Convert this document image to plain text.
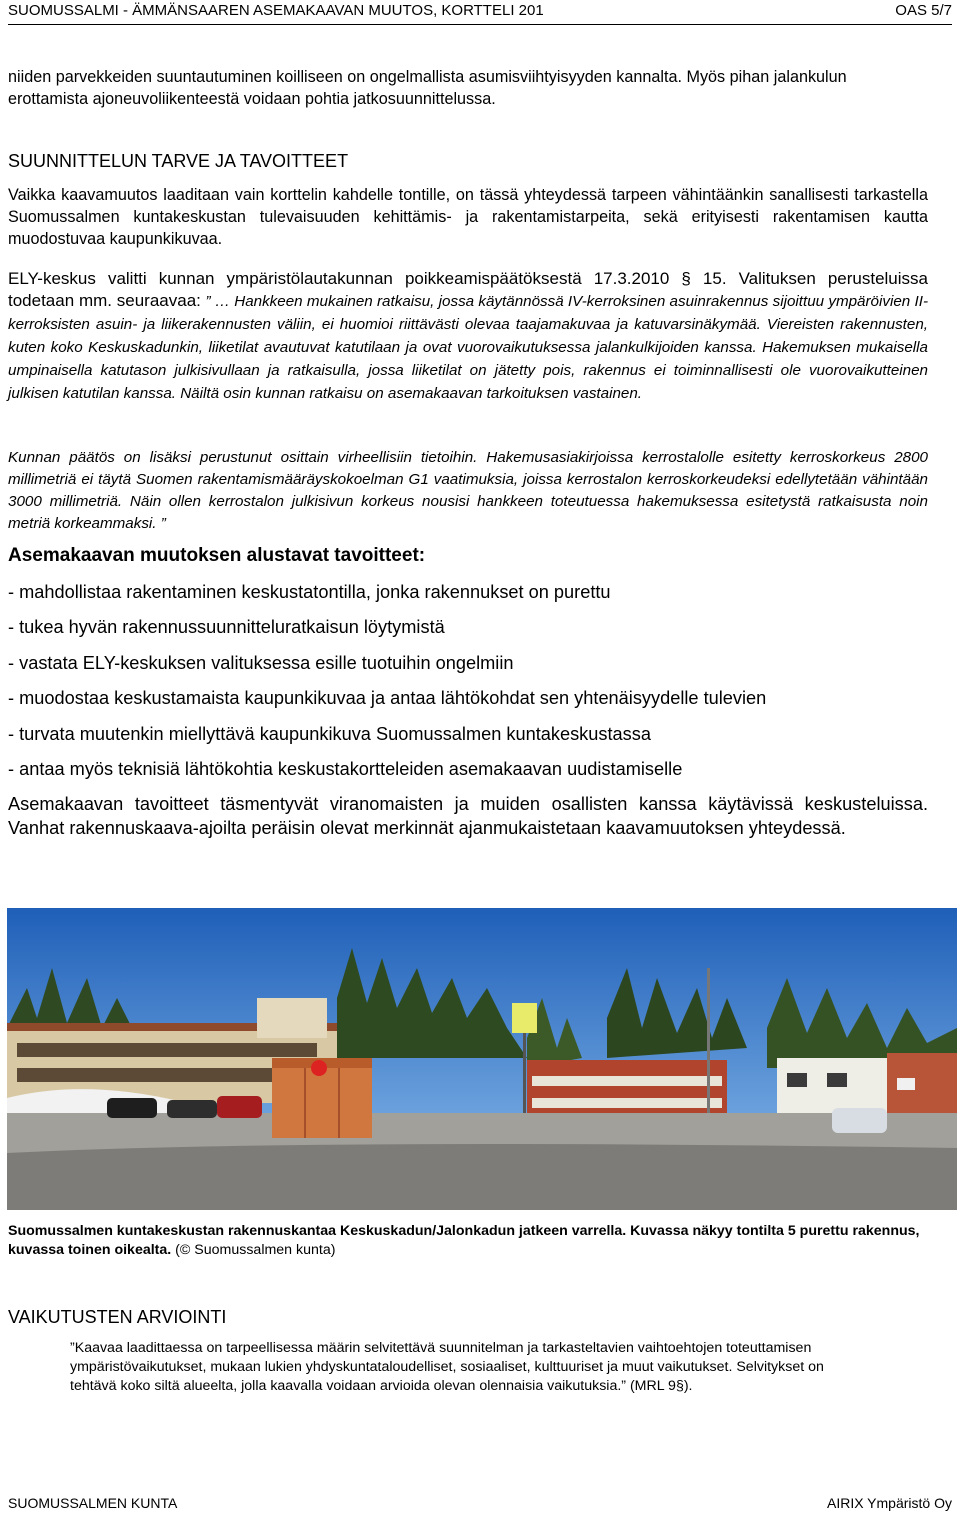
SUOMUSSALMI - ÄMMÄNSAAREN ASEMAKAAVAN MUUTOS, KORTTELI 201	OAS 5/7
niiden parvekkeiden suuntautuminen koilliseen on ongelmallista asumisviihtyisyyden kannalta. Myös pihan jalankulun erottamista ajoneuvoliikenteestä voidaan pohtia jatkosuunnittelussa.
SUUNNITTELUN TARVE JA TAVOITTEET
Vaikka kaavamuutos laaditaan vain korttelin kahdelle tontille, on tässä yhteydessä tarpeen vähintäänkin sanallisesti tarkastella Suomussalmen kuntakeskustan tulevaisuuden kehittämis- ja rakentamistarpeita, sekä erityisesti rakentamisen kautta muodostuvaa kaupunkikuvaa.
ELY-keskus valitti kunnan ympäristölautakunnan poikkeamispäätöksestä 17.3.2010 § 15. Valituksen perusteluissa todetaan mm. seuraavaa: ” … Hankkeen mukainen ratkaisu, jossa käytännössä IV-kerroksinen asuinrakennus sijoittuu ympäröivien II-kerroksisten asuin- ja liikerakennusten väliin, ei huomioi riittävästi olevaa taajamakuvaa ja katuvarsinäkymää. Viereisten rakennusten, kuten koko Keskuskadunkin, liiketilat avautuvat katutilaan ja ovat vuorovaikutuksessa jalankulkijoiden kanssa. Hakemuksen mukaisella umpinaisella katutason julkisivullaan ja ratkaisulla, jossa liiketilat on jätetty pois, rakennus ei toiminnallisesti ole vuorovaikutteinen julkisen katutilan kanssa. Näiltä osin kunnan ratkaisu on asemakaavan tarkoituksen vastainen.
Kunnan päätös on lisäksi perustunut osittain virheellisiin tietoihin. Hakemusasiakirjoissa kerrostalolle esitetty kerroskorkeus 2800 millimetriä ei täytä Suomen rakentamismääräyskokoelman G1 vaatimuksia, joissa kerrostalon kerroskorkeudeksi edellytetään vähintään 3000 millimetriä. Näin ollen kerrostalon julkisivun korkeus nousisi hankkeen toteutuessa hakemuksessa esitetystä ratkaisusta noin metriä korkeammaksi. ”
Asemakaavan muutoksen alustavat tavoitteet:
- mahdollistaa rakentaminen keskustatontilla, jonka rakennukset on purettu
- tukea hyvän rakennussuunnitteluratkaisun löytymistä
- vastata ELY-keskuksen valituksessa esille tuotuihin ongelmiin
- muodostaa keskustamaista kaupunkikuvaa ja antaa lähtökohdat sen yhtenäisyydelle tulevien
- turvata muutenkin miellyttävä kaupunkikuva Suomussalmen kuntakeskustassa
- antaa myös teknisiä lähtökohtia keskustakortteleiden asemakaavan uudistamiselle
Asemakaavan tavoitteet täsmentyvät viranomaisten ja muiden osallisten kanssa käytävissä keskusteluissa. Vanhat rakennuskaava-ajoilta peräisin olevat merkinnät ajanmukaistetaan kaavamuutoksen yhteydessä.
Suomussalmen kuntakeskustan rakennuskantaa Keskuskadun/Jalonkadun jatkeen varrella. Kuvassa näkyy tontilta 5 purettu rakennus, kuvassa toinen oikealta. (© Suomussalmen kunta)
VAIKUTUSTEN ARVIOINTI
”Kaavaa laadittaessa on tarpeellisessa määrin selvitettävä suunnitelman ja tarkasteltavien vaihtoehtojen toteuttamisen ympäristövaikutukset, mukaan lukien yhdyskuntataloudelliset, sosiaaliset, kulttuuriset ja muut vaikutukset. Selvitykset on tehtävä koko siltä alueelta, jolla kaavalla voidaan arvioida olevan olennaisia vaikutuksia.” (MRL 9§).
SUOMUSSALMEN KUNTA	AIRIX Ympäristö Oy
